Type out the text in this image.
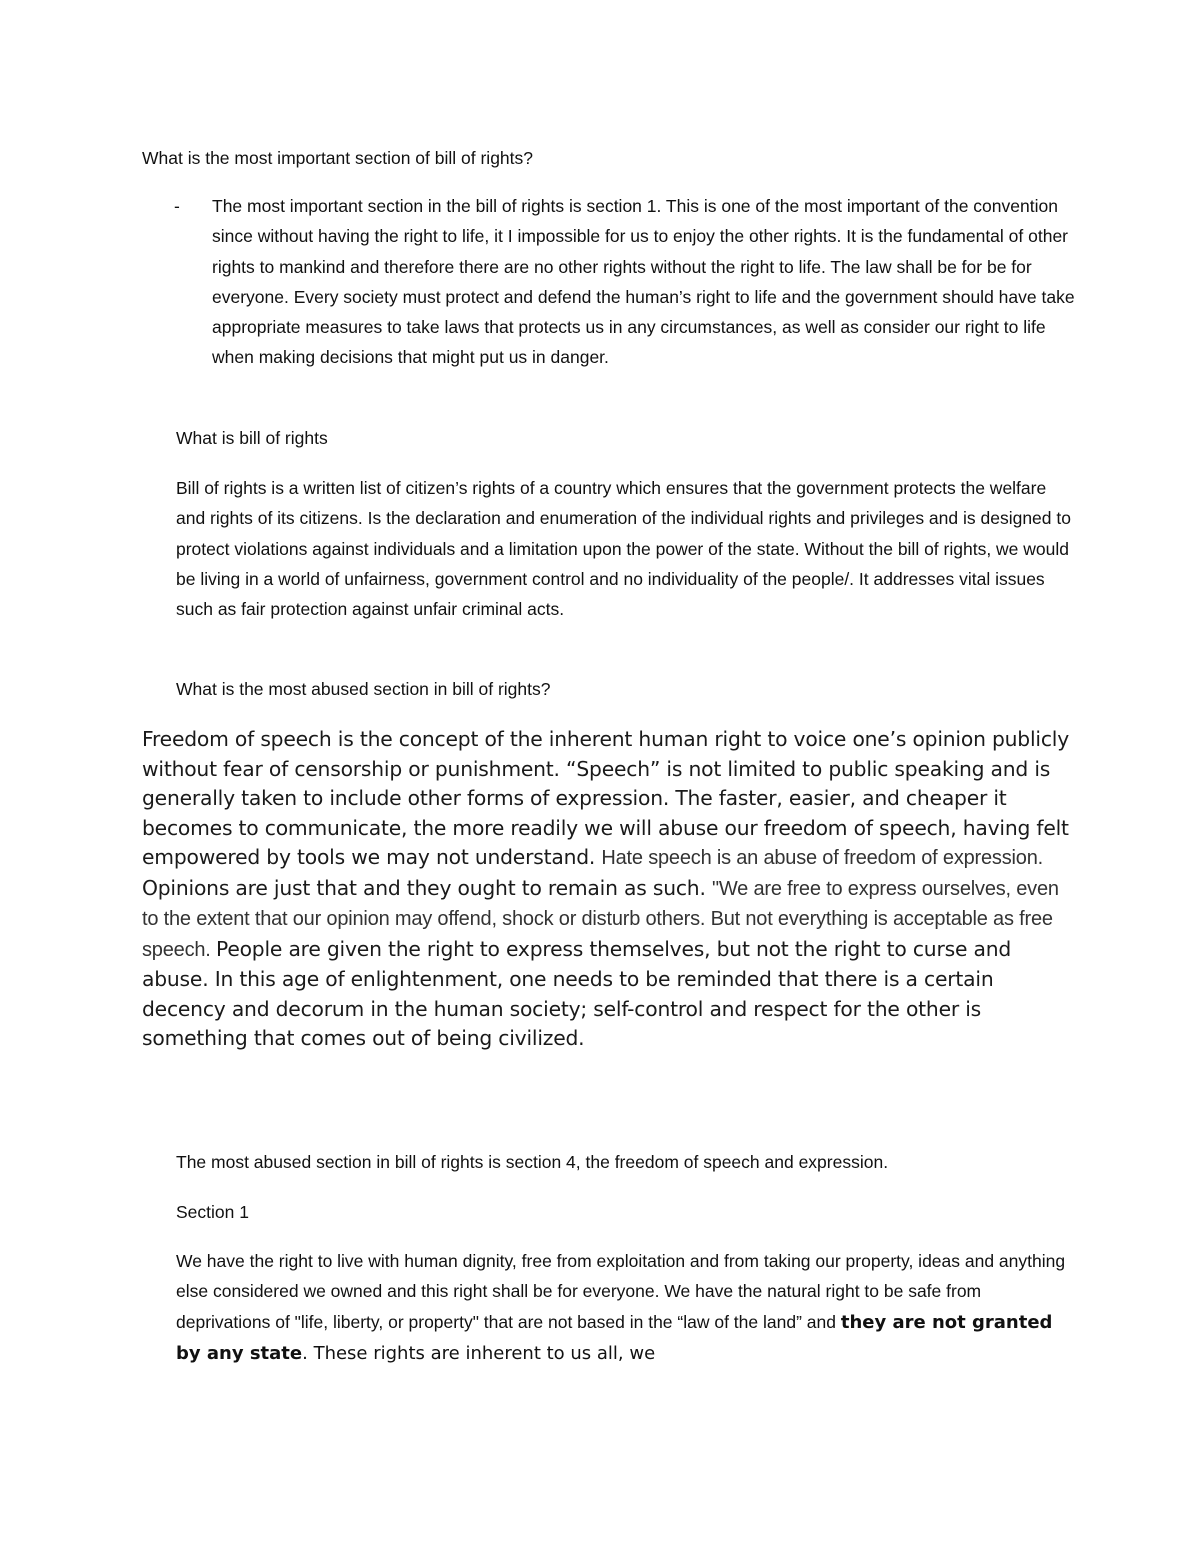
What is the most important section of bill of rights?

- The most important section in the bill of rights is section 1. This is one of the most important of the convention since without having the right to life, it I impossible for us to enjoy the other rights. It is the fundamental of other rights to mankind and therefore there are no other rights without the right to life. The law shall be for be for everyone. Every society must protect and defend the human’s right to life and the government should have take appropriate measures to take laws that protects us in any circumstances, as well as consider our right to life when making decisions that might put us in danger.

What is bill of rights

Bill of rights is a written list of citizen’s rights of a country which ensures that the government protects the welfare and rights of its citizens. Is the declaration and enumeration of the individual rights and privileges and is designed to protect violations against individuals and a limitation upon the power of the state. Without the bill of rights, we would be living in a world of unfairness, government control and no individuality of the people/. It addresses vital issues such as fair protection against unfair criminal acts.

What is the most abused section in bill of rights?

Freedom of speech is the concept of the inherent human right to voice one’s opinion publicly without fear of censorship or punishment. “Speech” is not limited to public speaking and is generally taken to include other forms of expression. The faster, easier, and cheaper it becomes to communicate, the more readily we will abuse our freedom of speech, having felt empowered by tools we may not understand. Hate speech is an abuse of freedom of expression. Opinions are just that and they ought to remain as such. "We are free to express ourselves, even to the extent that our opinion may offend, shock or disturb others. But not everything is acceptable as free speech. People are given the right to express themselves, but not the right to curse and abuse. In this age of enlightenment, one needs to be reminded that there is a certain decency and decorum in the human society; self-control and respect for the other is something that comes out of being civilized.

The most abused section in bill of rights is section 4, the freedom of speech and expression.

Section 1

We have the right to live with human dignity, free from exploitation and from taking our property, ideas and anything else considered we owned and this right shall be for everyone. We have the natural right to be safe from deprivations of "life, liberty, or property" that are not based in the “law of the land” and they are not granted by any state. These rights are inherent to us all, we
